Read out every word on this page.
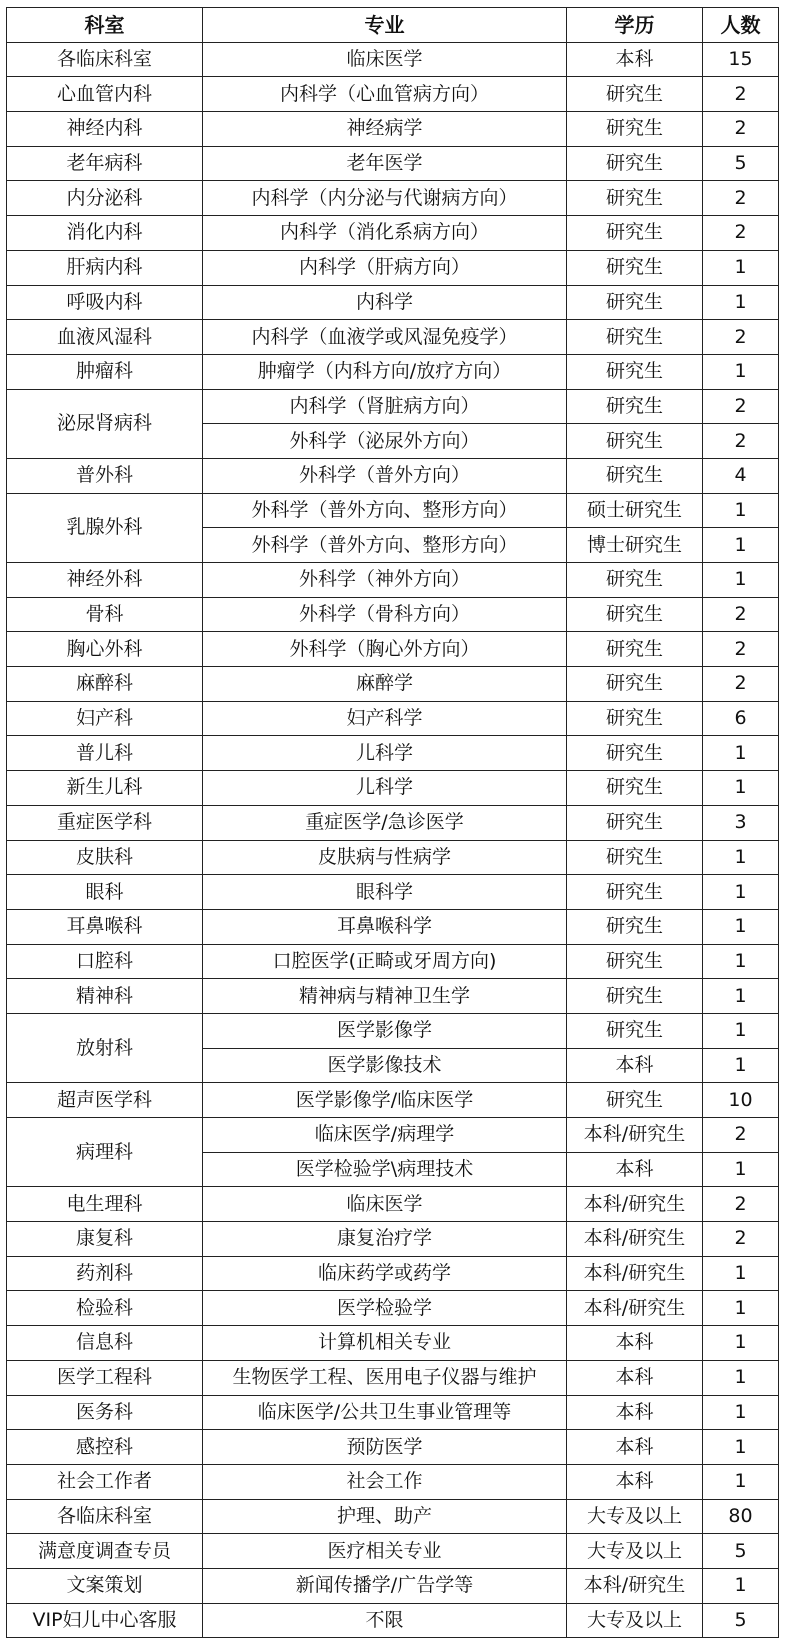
科室	专业	学历	人数
各临床科室	临床医学	本科	15
心血管内科	内科学（心血管病方向）	研究生	2
神经内科	神经病学	研究生	2
老年病科	老年医学	研究生	5
内分泌科	内科学（内分泌与代谢病方向）	研究生	2
消化内科	内科学（消化系病方向）	研究生	2
肝病内科	内科学（肝病方向）	研究生	1
呼吸内科	内科学	研究生	1
血液风湿科	内科学（血液学或风湿免疫学）	研究生	2
肿瘤科	肿瘤学（内科方向/放疗方向）	研究生	1
泌尿肾病科	内科学（肾脏病方向）	研究生	2
	外科学（泌尿外方向）	研究生	2
普外科	外科学（普外方向）	研究生	4
乳腺外科	外科学（普外方向、整形方向）	硕士研究生	1
	外科学（普外方向、整形方向）	博士研究生	1
神经外科	外科学（神外方向）	研究生	1
骨科	外科学（骨科方向）	研究生	2
胸心外科	外科学（胸心外方向）	研究生	2
麻醉科	麻醉学	研究生	2
妇产科	妇产科学	研究生	6
普儿科	儿科学	研究生	1
新生儿科	儿科学	研究生	1
重症医学科	重症医学/急诊医学	研究生	3
皮肤科	皮肤病与性病学	研究生	1
眼科	眼科学	研究生	1
耳鼻喉科	耳鼻喉科学	研究生	1
口腔科	口腔医学(正畸或牙周方向)	研究生	1
精神科	精神病与精神卫生学	研究生	1
放射科	医学影像学	研究生	1
	医学影像技术	本科	1
超声医学科	医学影像学/临床医学	研究生	10
病理科	临床医学/病理学	本科/研究生	2
	医学检验学\病理技术	本科	1
电生理科	临床医学	本科/研究生	2
康复科	康复治疗学	本科/研究生	2
药剂科	临床药学或药学	本科/研究生	1
检验科	医学检验学	本科/研究生	1
信息科	计算机相关专业	本科	1
医学工程科	生物医学工程、医用电子仪器与维护	本科	1
医务科	临床医学/公共卫生事业管理等	本科	1
感控科	预防医学	本科	1
社会工作者	社会工作	本科	1
各临床科室	护理、助产	大专及以上	80
满意度调查专员	医疗相关专业	大专及以上	5
文案策划	新闻传播学/广告学等	本科/研究生	1
VIP妇儿中心客服	不限	大专及以上	5
